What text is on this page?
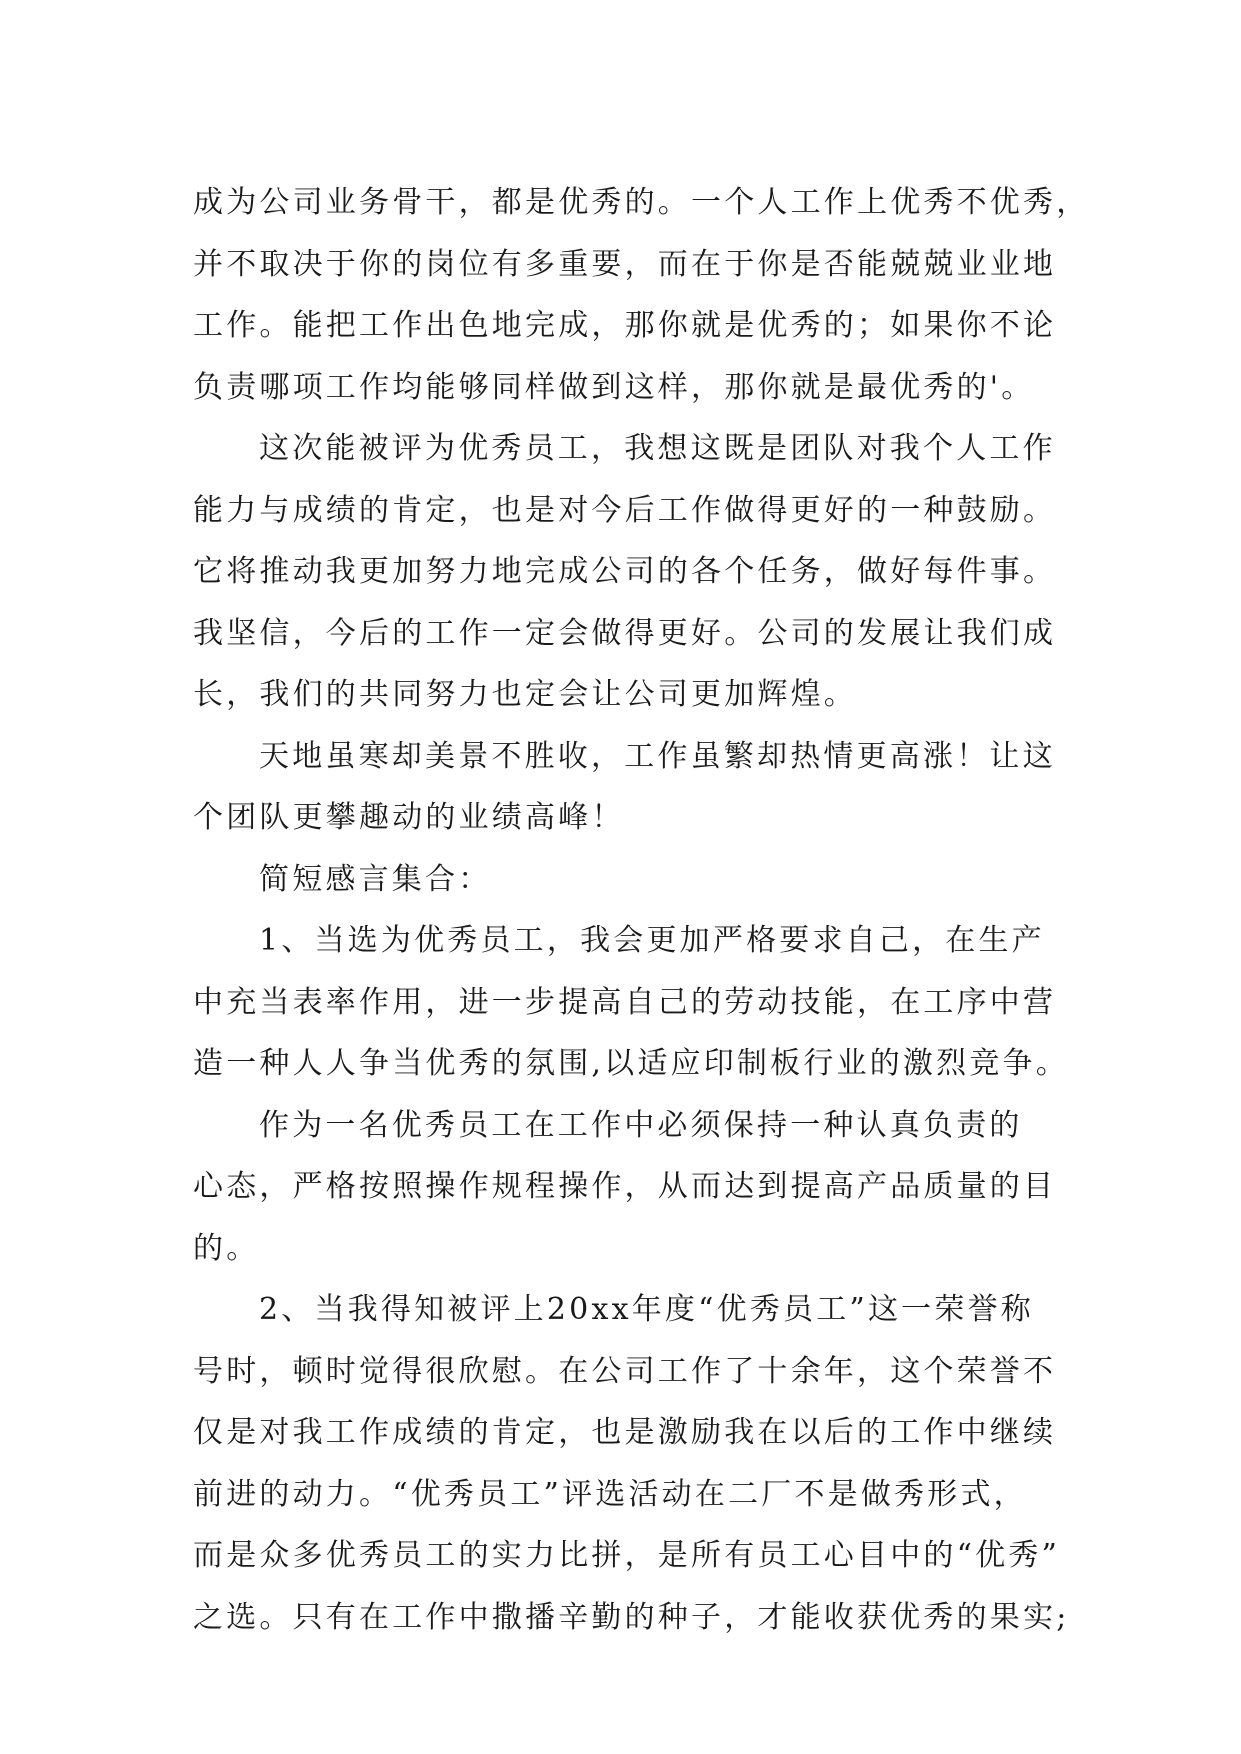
成为公司业务骨干，都是优秀的。一个人工作上优秀不优秀，
并不取决于你的岗位有多重要，而在于你是否能兢兢业业地
工作。能把工作出色地完成，那你就是优秀的；如果你不论
负责哪项工作均能够同样做到这样，那你就是最优秀的'。
这次能被评为优秀员工，我想这既是团队对我个人工作
能力与成绩的肯定，也是对今后工作做得更好的一种鼓励。
它将推动我更加努力地完成公司的各个任务，做好每件事。
我坚信，今后的工作一定会做得更好。公司的发展让我们成
长，我们的共同努力也定会让公司更加辉煌。
天地虽寒却美景不胜收，工作虽繁却热情更高涨！让这
个团队更攀趣动的业绩高峰！
简短感言集合：
1、当选为优秀员工，我会更加严格要求自己，在生产
中充当表率作用，进一步提高自己的劳动技能，在工序中营
造一种人人争当优秀的氛围,以适应印制板行业的激烈竞争。
作为一名优秀员工在工作中必须保持一种认真负责的
心态，严格按照操作规程操作，从而达到提高产品质量的目
的。
2、当我得知被评上20xx年度“优秀员工”这一荣誉称
号时，顿时觉得很欣慰。在公司工作了十余年，这个荣誉不
仅是对我工作成绩的肯定，也是激励我在以后的工作中继续
前进的动力。“优秀员工”评选活动在二厂不是做秀形式，
而是众多优秀员工的实力比拼，是所有员工心目中的“优秀”
之选。只有在工作中撒播辛勤的种子，才能收获优秀的果实;
